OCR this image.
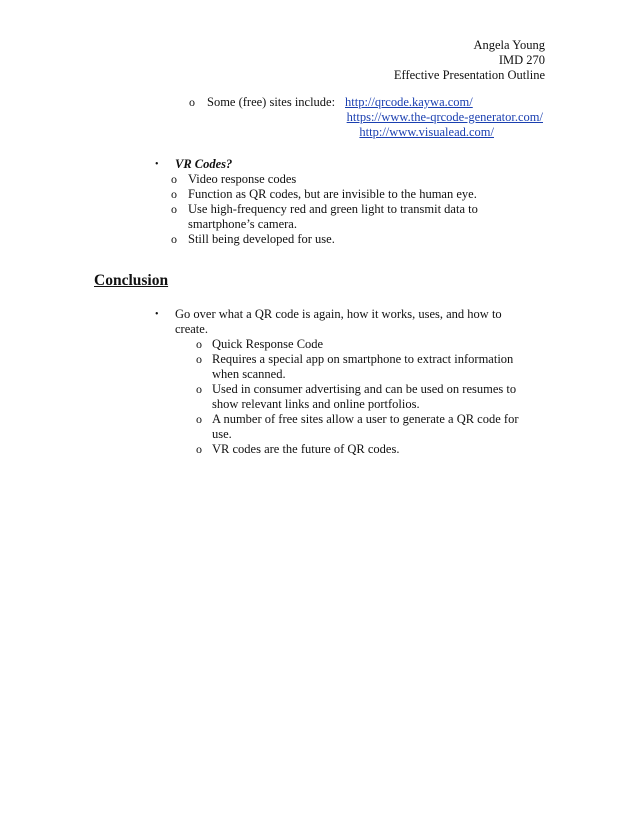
Angela Young
IMD 270
Effective Presentation Outline
o Some (free) sites include: http://qrcode.kaywa.com/
https://www.the-qrcode-generator.com/
http://www.visualead.com/
• VR Codes?
o Video response codes
o Function as QR codes, but are invisible to the human eye.
o Use high-frequency red and green light to transmit data to
smartphone’s camera.
o Still being developed for use.
Conclusion
• Go over what a QR code is again, how it works, uses, and how to
create.
o Quick Response Code
o Requires a special app on smartphone to extract information
when scanned.
o Used in consumer advertising and can be used on resumes to
show relevant links and online portfolios.
o A number of free sites allow a user to generate a QR code for
use.
o VR codes are the future of QR codes.
